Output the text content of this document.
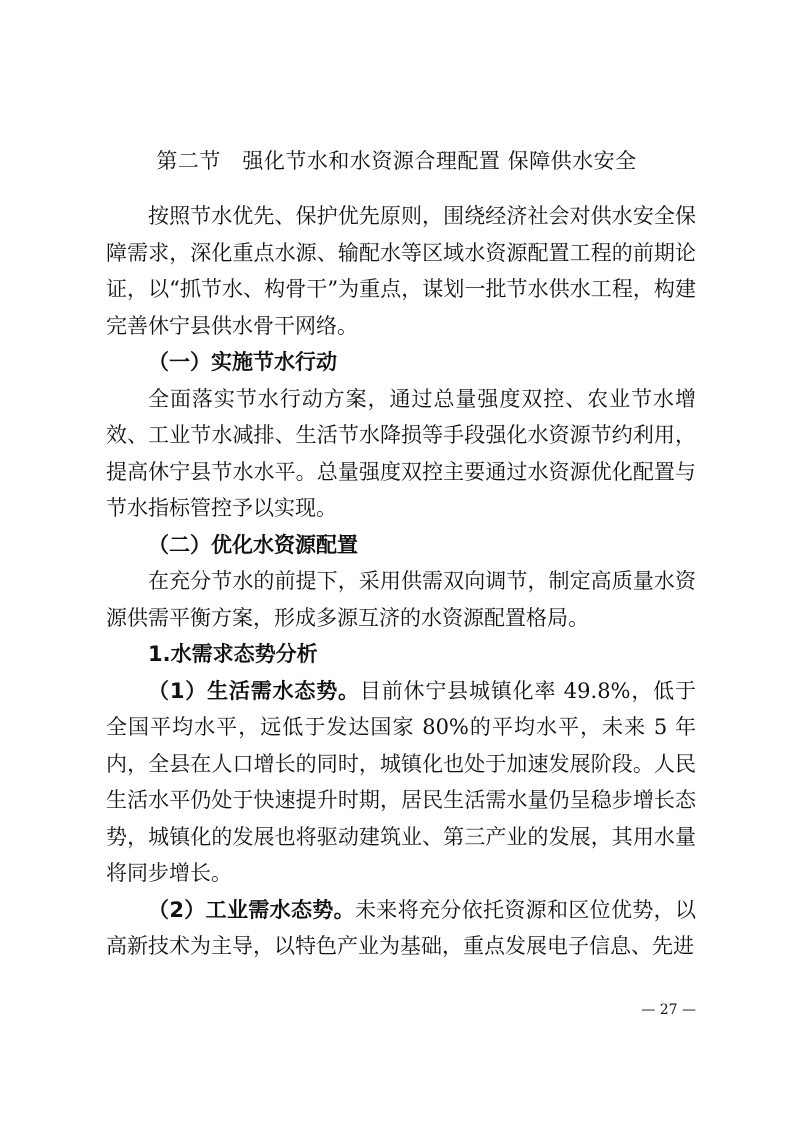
第二节　强化节水和水资源合理配置 保障供水安全

按照节水优先、保护优先原则，围绕经济社会对供水安全保障需求，深化重点水源、输配水等区域水资源配置工程的前期论证，以“抓节水、构骨干”为重点，谋划一批节水供水工程，构建完善休宁县供水骨干网络。

（一）实施节水行动

全面落实节水行动方案，通过总量强度双控、农业节水增效、工业节水减排、生活节水降损等手段强化水资源节约利用，提高休宁县节水水平。总量强度双控主要通过水资源优化配置与节水指标管控予以实现。

（二）优化水资源配置

在充分节水的前提下，采用供需双向调节，制定高质量水资源供需平衡方案，形成多源互济的水资源配置格局。

1.水需求态势分析

（1）生活需水态势。目前休宁县城镇化率 49.8%，低于全国平均水平，远低于发达国家 80%的平均水平，未来 5 年内，全县在人口增长的同时，城镇化也处于加速发展阶段。人民生活水平仍处于快速提升时期，居民生活需水量仍呈稳步增长态势，城镇化的发展也将驱动建筑业、第三产业的发展，其用水量将同步增长。

（2）工业需水态势。未来将充分依托资源和区位优势，以高新技术为主导，以特色产业为基础，重点发展电子信息、先进

— 27 —
